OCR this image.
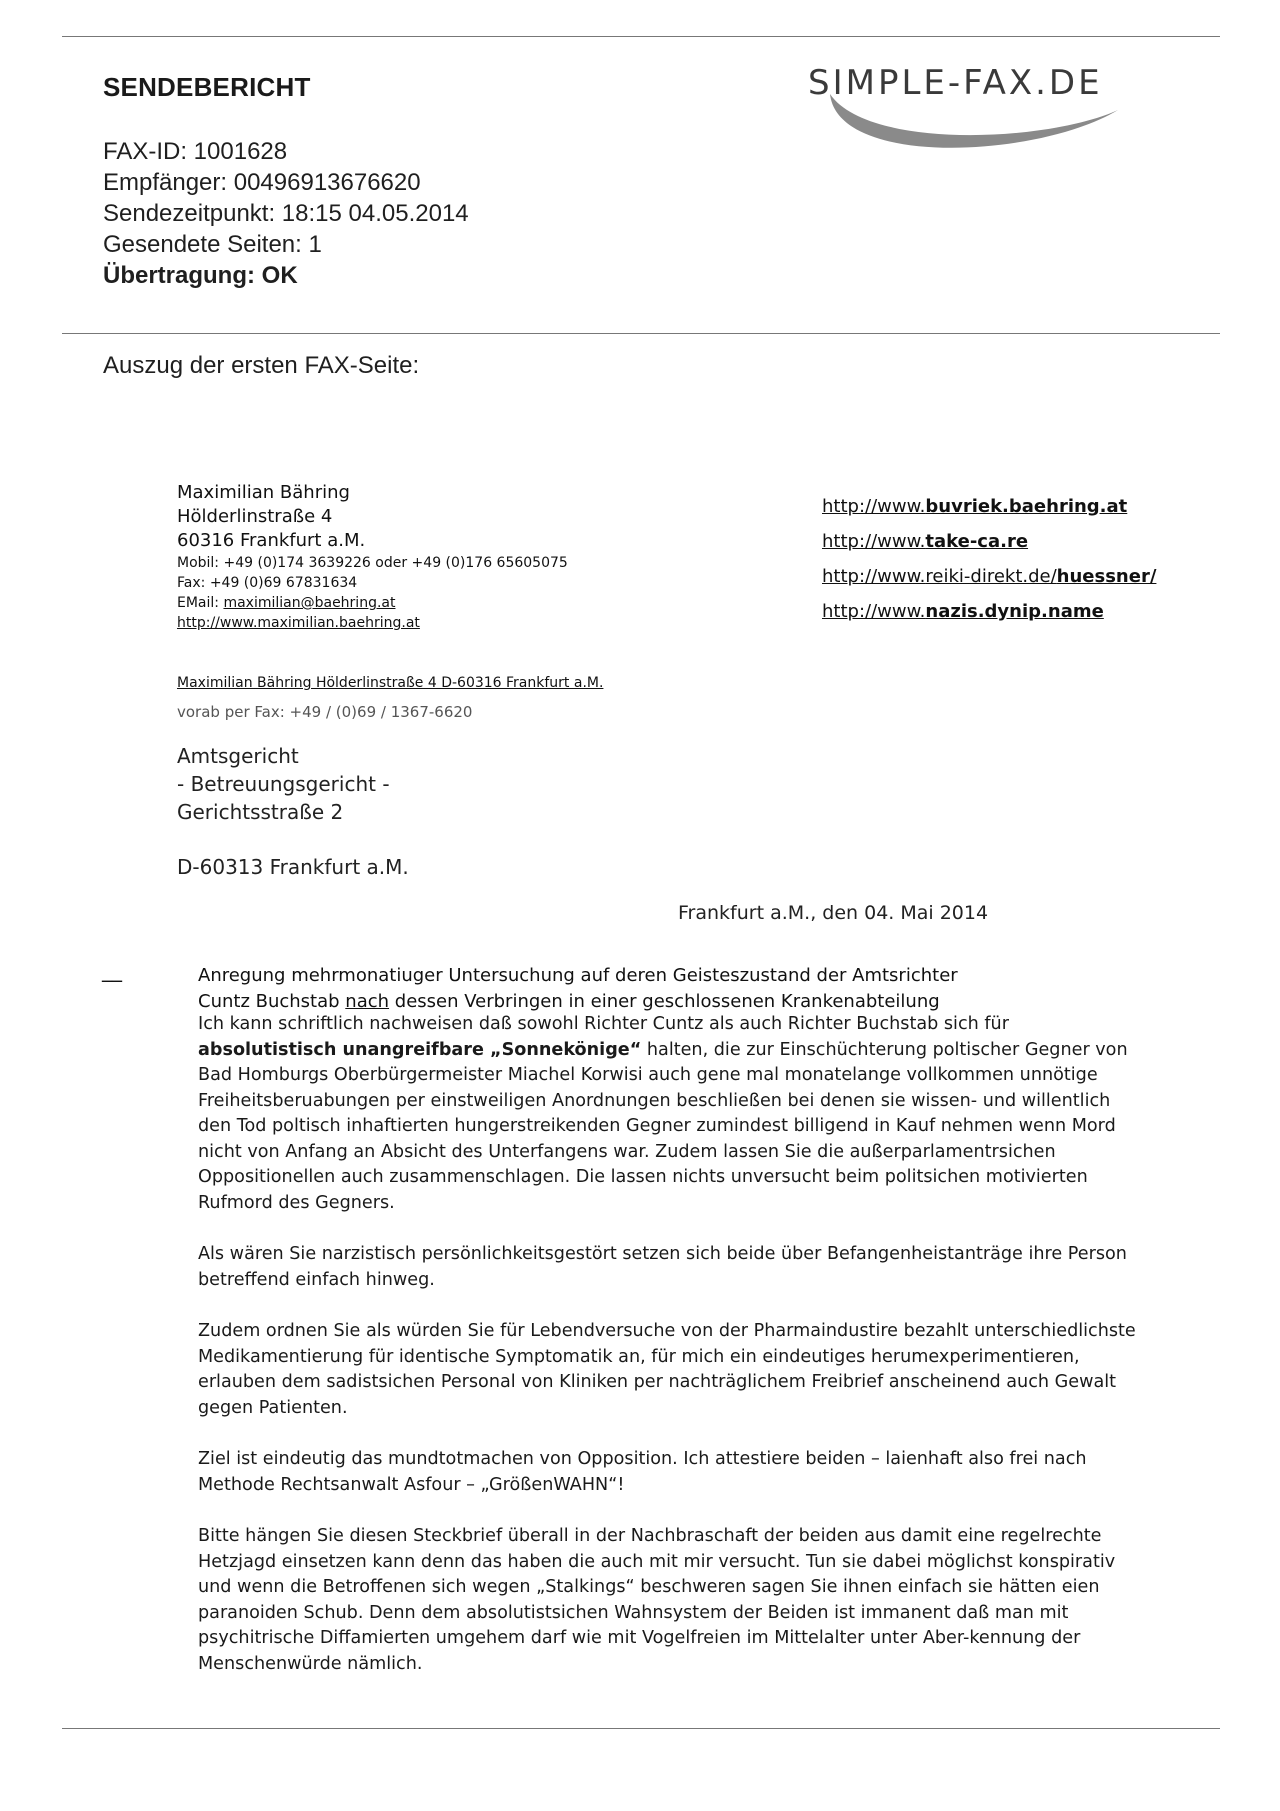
SENDEBERICHT	SIMPLE-FAX.DE
FAX-ID: 1001628
Empfänger: 00496913676620
Sendezeitpunkt: 18:15 04.05.2014
Gesendete Seiten: 1
Übertragung: OK
Auszug der ersten FAX-Seite:
Maximilian Bähring
Hölderlinstraße 4
60316 Frankfurt a.M.
Mobil: +49 (0)174 3639226 oder +49 (0)176 65605075
Fax: +49 (0)69 67831634
EMail: maximilian@baehring.at
http://www.maximilian.baehring.at
http://www.buvriek.baehring.at
http://www.take-ca.re
http://www.reiki-direkt.de/huessner/
http://www.nazis.dynip.name
Maximilian Bähring Hölderlinstraße 4 D-60316 Frankfurt a.M.
vorab per Fax: +49 / (0)69 / 1367-6620
Amtsgericht
- Betreuungsgericht -
Gerichtsstraße 2
D-60313 Frankfurt a.M.
Frankfurt a.M., den 04. Mai 2014
__	Anregung mehrmonatiuger Untersuchung auf deren Geisteszustand der Amtsrichter
Cuntz Buchstab nach dessen Verbringen in einer geschlossenen Krankenabteilung

Ich kann schriftlich nachweisen daß sowohl Richter Cuntz als auch Richter Buchstab sich für absolutistisch unangreifbare „Sonnekönige“ halten, die zur Einschüchterung poltischer Gegner von Bad Homburgs Oberbürgermeister Miachel Korwisi auch gene mal monatelange vollkommen unnötige Freiheitsberuabungen per einstweiligen Anordnungen beschließen bei denen sie wissen- und willentlich den Tod poltisch inhaftierten hungerstreikenden Gegner zumindest billigend in Kauf nehmen wenn Mord nicht von Anfang an Absicht des Unterfangens war. Zudem lassen Sie die außerparlamentrsichen Oppositionellen auch zusammenschlagen. Die lassen nichts unversucht beim politsichen motivierten Rufmord des Gegners.

Als wären Sie narzistisch persönlichkeitsgestört setzen sich beide über Befangenheistanträge ihre Person betreffend einfach hinweg.

Zudem ordnen Sie als würden Sie für Lebendversuche von der Pharmaindustire bezahlt unterschiedlichste Medikamentierung für identische Symptomatik an, für mich ein eindeutiges herumexperimentieren, erlauben dem sadistsichen Personal von Kliniken per nachträglichem Freibrief anscheinend auch Gewalt gegen Patienten.

Ziel ist eindeutig das mundtotmachen von Opposition. Ich attestiere beiden – laienhaft also frei nach Methode Rechtsanwalt Asfour – „GrößenWAHN“!

Bitte hängen Sie diesen Steckbrief überall in der Nachbraschaft der beiden aus damit eine regelrechte Hetzjagd einsetzen kann denn das haben die auch mit mir versucht. Tun sie dabei möglichst konspirativ und wenn die Betroffenen sich wegen „Stalkings“ beschweren sagen Sie ihnen einfach sie hätten eien paranoiden Schub. Denn dem absolutistsichen Wahnsystem der Beiden ist immanent daß man mit psychitrische Diffamierten umgehem darf wie mit Vogelfreien im Mittelalter unter Aber-kennung der Menschenwürde nämlich.
